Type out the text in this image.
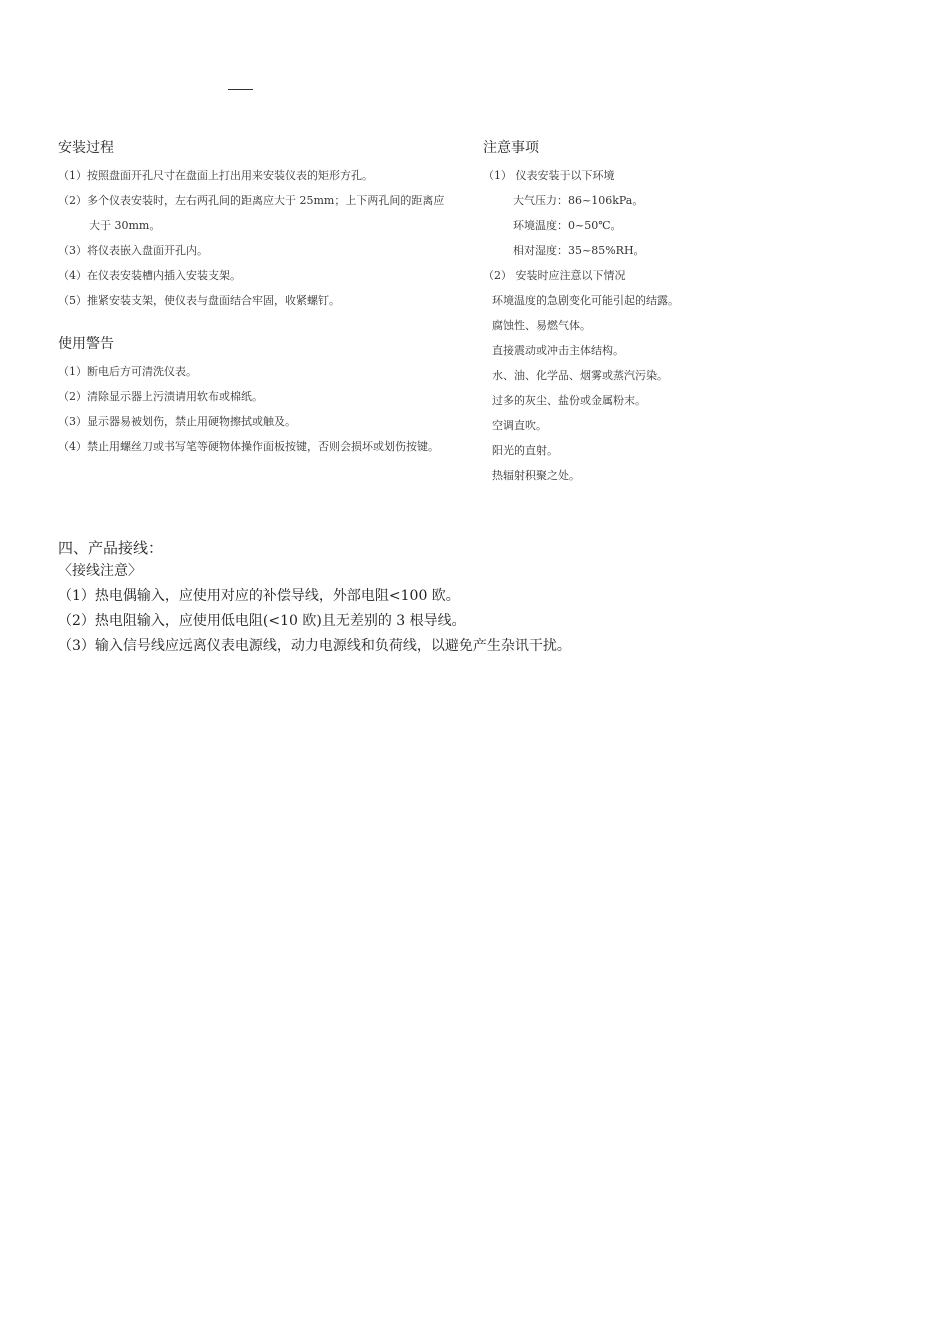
安装过程
（1）按照盘面开孔尺寸在盘面上打出用来安装仪表的矩形方孔。
（2）多个仪表安装时，左右两孔间的距离应大于 25mm；上下两孔间的距离应
大于 30mm。
（3）将仪表嵌入盘面开孔内。
（4）在仪表安装槽内插入安装支架。
（5）推紧安装支架，使仪表与盘面结合牢固，收紧螺钉。
使用警告
（1）断电后方可清洗仪表。
（2）清除显示器上污渍请用软布或棉纸。
（3）显示器易被划伤，禁止用硬物擦拭或触及。
（4）禁止用螺丝刀或书写笔等硬物体操作面板按键，否则会损坏或划伤按键。
注意事项
（1） 仪表安装于以下环境
大气压力：86~106kPa。
环境温度：0~50℃。
相对湿度：35~85%RH。
（2） 安装时应注意以下情况
环境温度的急剧变化可能引起的结露。
腐蚀性、易燃气体。
直接震动或冲击主体结构。
水、油、化学品、烟雾或蒸汽污染。
过多的灰尘、盐份或金属粉末。
空调直吹。
阳光的直射。
热辐射积聚之处。
四、产品接线：
〈接线注意〉
（1）热电偶输入，应使用对应的补偿导线，外部电阻<100 欧。
（2）热电阻输入，应使用低电阻(<10 欧)且无差别的 3 根导线。
（3）输入信号线应远离仪表电源线，动力电源线和负荷线，以避免产生杂讯干扰。
